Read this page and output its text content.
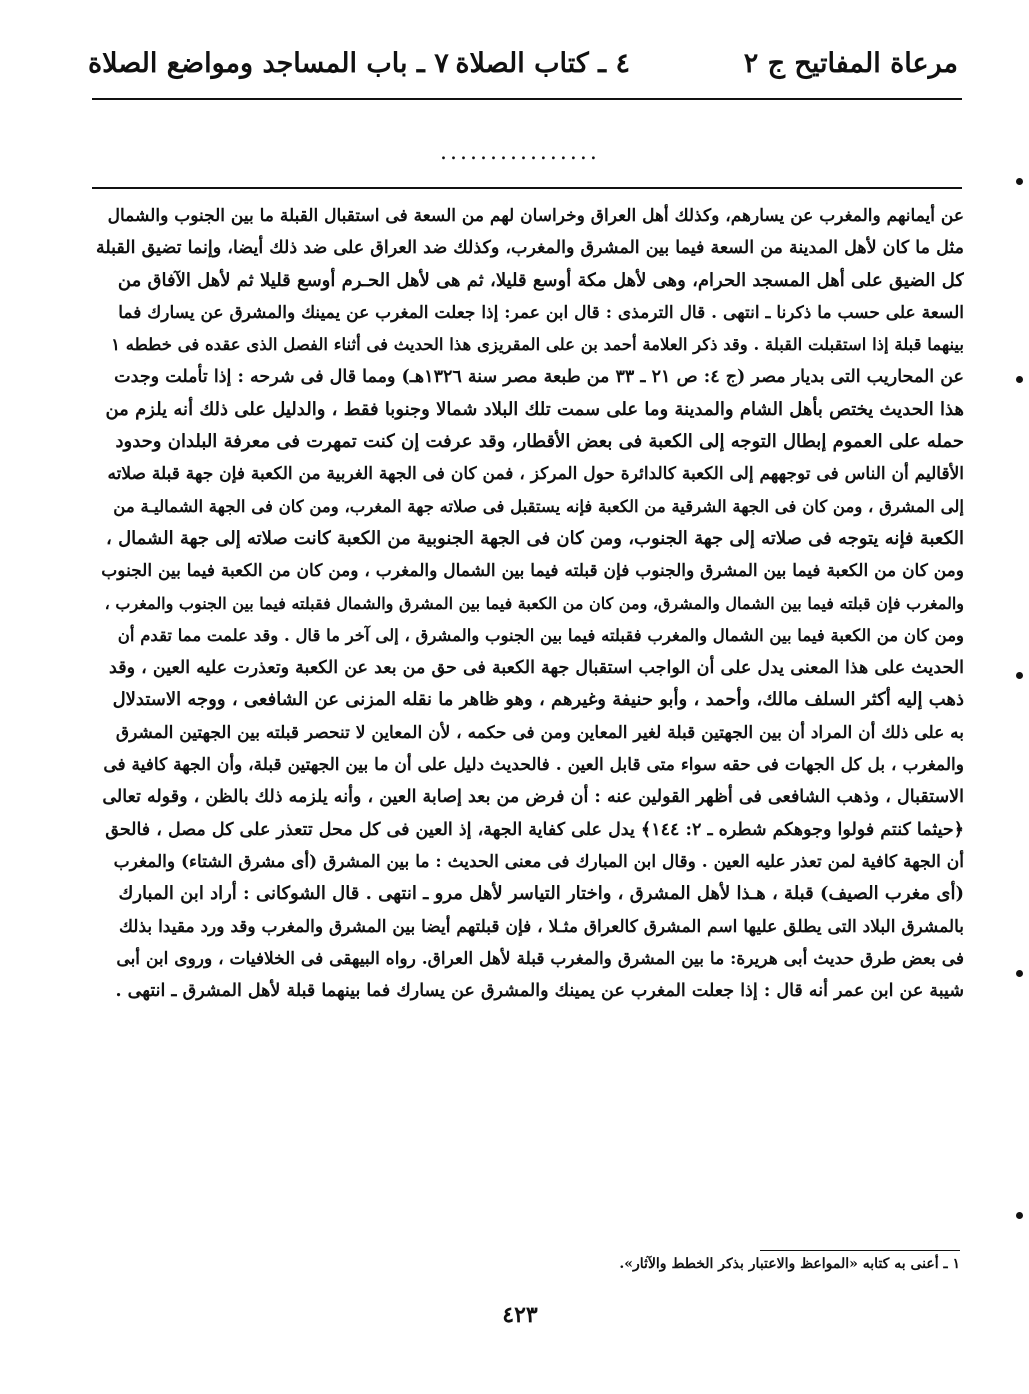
مرعاة المفاتيح ج ٢
٤ ـ كتاب الصلاة
٧ ـ باب المساجد ومواضع الصلاة
................
عن أيمانهم والمغرب عن يسارهم، وكذلك أهل العراق وخراسان لهم من السعة فى استقبال القبلة ما بين الجنوب والشمال
مثل ما كان لأهل المدينة من السعة فيما بين المشرق والمغرب، وكذلك ضد العراق على ضد ذلك أيضا، وإنما تضيق القبلة
كل الضيق على أهل المسجد الحرام، وهى لأهل مكة أوسع قليلا، ثم هى لأهل الحـرم أوسع قليلا ثم لأهل الآفاق من
السعة على حسب ما ذكرنا ـ انتهى . قال الترمذى : قال ابن عمر: إذا جعلت المغرب عن يمينك والمشرق عن يسارك فما
بينهما قبلة إذا استقبلت القبلة . وقد ذكر العلامة أحمد بن على المقريزى هذا الحديث فى أثناء الفصل الذى عقده فى خططه ١
عن المحاريب التى بديار مصر (ج ٤: ص ٢١ ـ ٣٣ من طبعة مصر سنة ١٣٢٦هـ) ومما قال فى شرحه : إذا تأملت وجدت
هذا الحديث يختص بأهل الشام والمدينة وما على سمت تلك البلاد شمالا وجنوبا فقط ، والدليل على ذلك أنه يلزم من
حمله على العموم إبطال التوجه إلى الكعبة فى بعض الأقطار، وقد عرفت إن كنت تمهرت فى معرفة البلدان وحدود
الأقاليم أن الناس فى توجههم إلى الكعبة كالدائرة حول المركز ، فمن كان فى الجهة الغربية من الكعبة فإن جهة قبلة صلاته
إلى المشرق ، ومن كان فى الجهة الشرقية من الكعبة فإنه يستقبل فى صلاته جهة المغرب، ومن كان فى الجهة الشماليـة من
الكعبة فإنه يتوجه فى صلاته إلى جهة الجنوب، ومن كان فى الجهة الجنوبية من الكعبة كانت صلاته إلى جهة الشمال ،
ومن كان من الكعبة فيما بين المشرق والجنوب فإن قبلته فيما بين الشمال والمغرب ، ومن كان من الكعبة فيما بين الجنوب
والمغرب فإن قبلته فيما بين الشمال والمشرق، ومن كان من الكعبة فيما بين المشرق والشمال فقبلته فيما بين الجنوب والمغرب ،
ومن كان من الكعبة فيما بين الشمال والمغرب فقبلته فيما بين الجنوب والمشرق ، إلى آخر ما قال . وقد علمت مما تقدم أن
الحديث على هذا المعنى يدل على أن الواجب استقبال جهة الكعبة فى حق من بعد عن الكعبة وتعذرت عليه العين ، وقد
ذهب إليه أكثر السلف مالك، وأحمد ، وأبو حنيفة وغيرهم ، وهو ظاهر ما نقله المزنى عن الشافعى ، ووجه الاستدلال
به على ذلك أن المراد أن بين الجهتين قبلة لغير المعاين ومن فى حكمه ، لأن المعاين لا تنحصر قبلته بين الجهتين المشرق
والمغرب ، بل كل الجهات فى حقه سواء متى قابل العين . فالحديث دليل على أن ما بين الجهتين قبلة، وأن الجهة كافية فى
الاستقبال ، وذهب الشافعى فى أظهر القولين عنه : أن فرض من بعد إصابة العين ، وأنه يلزمه ذلك بالظن ، وقوله تعالى
﴿حيثما كنتم فولوا وجوهكم شطره ـ ٢: ١٤٤﴾ يدل على كفاية الجهة، إذ العين فى كل محل تتعذر على كل مصل ، فالحق
أن الجهة كافية لمن تعذر عليه العين . وقال ابن المبارك فى معنى الحديث : ما بين المشرق (أى مشرق الشتاء) والمغرب
(أى مغرب الصيف) قبلة ، هـذا لأهل المشرق ، واختار التياسر لأهل مرو ـ انتهى . قال الشوكانى : أراد ابن المبارك
بالمشرق البلاد التى يطلق عليها اسم المشرق كالعراق مثـلا ، فإن قبلتهم أيضا بين المشرق والمغرب وقد ورد مقيدا بذلك
فى بعض طرق حديث أبى هريرة: ما بين المشرق والمغرب قبلة لأهل العراق. رواه البيهقى فى الخلافيات ، وروى ابن أبى
شيبة عن ابن عمر أنه قال : إذا جعلت المغرب عن يمينك والمشرق عن يسارك فما بينهما قبلة لأهل المشرق ـ انتهى .
١ ـ أعنى به كتابه «المواعظ والاعتبار بذكر الخطط والآثار».
٤٢٣
